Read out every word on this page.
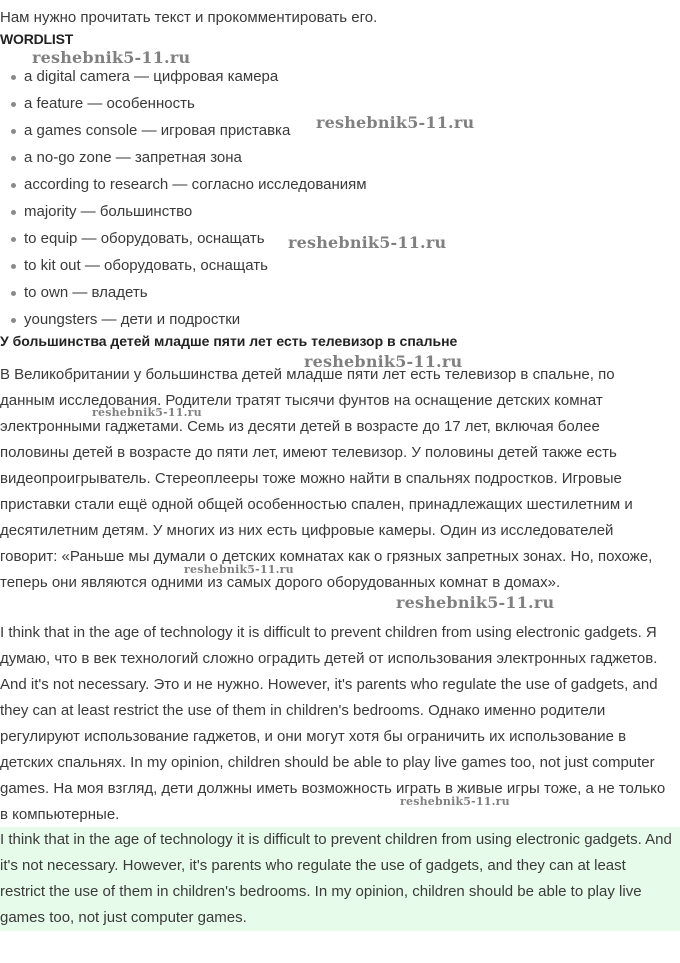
Нам нужно прочитать текст и прокомментировать его.
WORDLIST
a digital camera — цифровая камера
a feature — особенность
a games console — игровая приставка
a no-go zone — запретная зона
according to research — согласно исследованиям
majority — большинство
to equip — оборудовать, оснащать
to kit out — оборудовать, оснащать
to own — владеть
youngsters — дети и подростки
У большинства детей младше пяти лет есть телевизор в спальне

В Великобритании у большинства детей младше пяти лет есть телевизор в спальне, по данным исследования. Родители тратят тысячи фунтов на оснащение детских комнат электронными гаджетами. Семь из десяти детей в возрасте до 17 лет, включая более половины детей в возрасте до пяти лет, имеют телевизор. У половины детей также есть видеопроигрыватель. Стереоплееры тоже можно найти в спальнях подростков. Игровые приставки стали ещё одной общей особенностью спален, принадлежащих шестилетним и десятилетним детям. У многих из них есть цифровые камеры. Один из исследователей говорит: «Раньше мы думали о детских комнатах как о грязных запретных зонах. Но, похоже, теперь они являются одними из самых дорого оборудованных комнат в домах».

I think that in the age of technology it is difficult to prevent children from using electronic gadgets. Я думаю, что в век технологий сложно оградить детей от использования электронных гаджетов. And it's not necessary. Это и не нужно. However, it's parents who regulate the use of gadgets, and they can at least restrict the use of them in children's bedrooms. Однако именно родители регулируют использование гаджетов, и они могут хотя бы ограничить их использование в детских спальнях. In my opinion, children should be able to play live games too, not just computer games. На моя взгляд, дети должны иметь возможность играть в живые игры тоже, а не только в компьютерные.

I think that in the age of technology it is difficult to prevent children from using electronic gadgets. And it's not necessary. However, it's parents who regulate the use of gadgets, and they can at least restrict the use of them in children's bedrooms. In my opinion, children should be able to play live games too, not just computer games.

reshebnik5-11.ru
reshebnik5-11.ru
reshebnik5-11.ru
reshebnik5-11.ru
reshebnik5-11.ru
reshebnik5-11.ru
reshebnik5-11.ru
reshebnik5-11.ru
